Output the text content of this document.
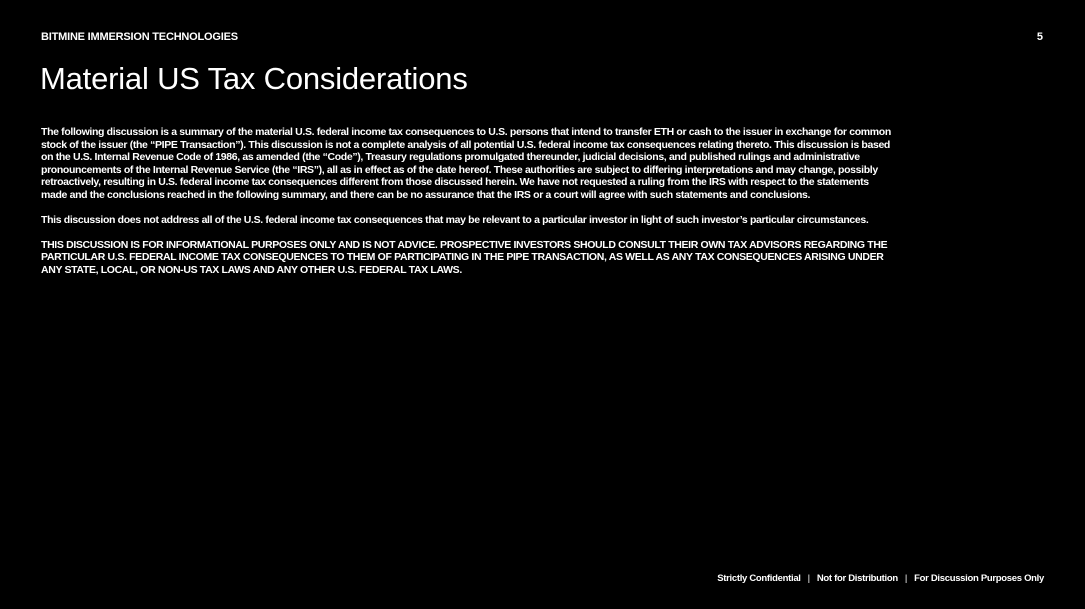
BITMINE IMMERSION TECHNOLOGIES	5
Material US Tax Considerations

The following discussion is a summary of the material U.S. federal income tax consequences to U.S. persons that intend to transfer ETH or cash to the issuer in exchange for common stock of the issuer (the “PIPE Transaction”). This discussion is not a complete analysis of all potential U.S. federal income tax consequences relating thereto. This discussion is based on the U.S. Internal Revenue Code of 1986, as amended (the “Code”), Treasury regulations promulgated thereunder, judicial decisions, and published rulings and administrative pronouncements of the Internal Revenue Service (the “IRS”), all as in effect as of the date hereof. These authorities are subject to differing interpretations and may change, possibly retroactively, resulting in U.S. federal income tax consequences different from those discussed herein. We have not requested a ruling from the IRS with respect to the statements made and the conclusions reached in the following summary, and there can be no assurance that the IRS or a court will agree with such statements and conclusions.

This discussion does not address all of the U.S. federal income tax consequences that may be relevant to a particular investor in light of such investor’s particular circumstances.

THIS DISCUSSION IS FOR INFORMATIONAL PURPOSES ONLY AND IS NOT ADVICE. PROSPECTIVE INVESTORS SHOULD CONSULT THEIR OWN TAX ADVISORS REGARDING THE PARTICULAR U.S. FEDERAL INCOME TAX CONSEQUENCES TO THEM OF PARTICIPATING IN THE PIPE TRANSACTION, AS WELL AS ANY TAX CONSEQUENCES ARISING UNDER ANY STATE, LOCAL, OR NON-US TAX LAWS AND ANY OTHER U.S. FEDERAL TAX LAWS.

Strictly Confidential | Not for Distribution | For Discussion Purposes Only
